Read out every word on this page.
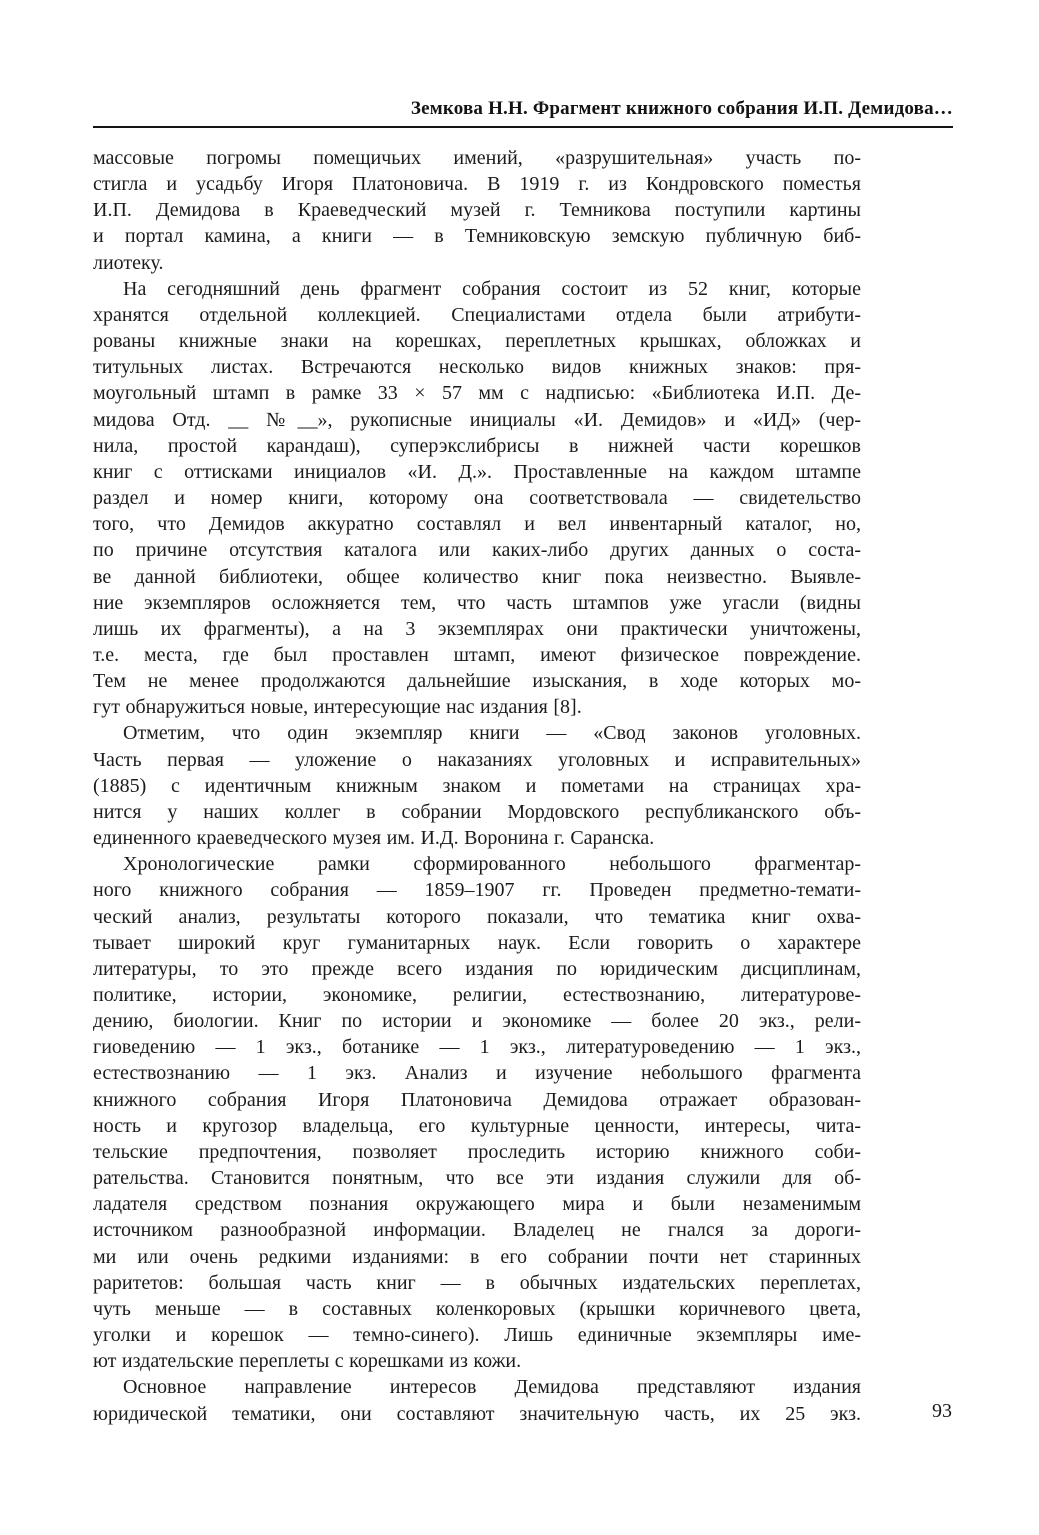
Земкова Н.Н. Фрагмент книжного собрания И.П. Демидова…
массовые погромы помещичьих имений, «разрушительная» участь по-
стигла и усадьбу Игоря Платоновича. В 1919 г. из Кондровского поместья
И.П. Демидова в Краеведческий музей г. Темникова поступили картины
и портал камина, а книги — в Темниковскую земскую публичную биб-
лиотеку.
На сегодняшний день фрагмент собрания состоит из 52 книг, которые
хранятся отдельной коллекцией. Специалистами отдела были атрибути-
рованы книжные знаки на корешках, переплетных крышках, обложках и
титульных листах. Встречаются несколько видов книжных знаков: пря-
моугольный штамп в рамке 33 × 57 мм с надписью: «Библиотека И.П. Де-
мидова Отд. __ №__», рукописные инициалы «И. Демидов» и «ИД» (чер-
нила, простой карандаш), суперэкслибрисы в нижней части корешков
книг с оттисками инициалов «И. Д.». Проставленные на каждом штампе
раздел и номер книги, которому она соответствовала — свидетельство
того, что Демидов аккуратно составлял и вел инвентарный каталог, но,
по причине отсутствия каталога или каких-либо других данных о соста-
ве данной библиотеки, общее количество книг пока неизвестно. Выявле-
ние экземпляров осложняется тем, что часть штампов уже угасли (видны
лишь их фрагменты), а на 3 экземплярах они практически уничтожены,
т.е. места, где был проставлен штамп, имеют физическое повреждение.
Тем не менее продолжаются дальнейшие изыскания, в ходе которых мо-
гут обнаружиться новые, интересующие нас издания [8].
Отметим, что один экземпляр книги — «Свод законов уголовных.
Часть первая — уложение о наказаниях уголовных и исправительных»
(1885) с идентичным книжным знаком и пометами на страницах хра-
нится у наших коллег в собрании Мордовского республиканского объ-
единенного краеведческого музея им. И.Д. Воронина г. Саранска.
Хронологические рамки сформированного небольшого фрагментар-
ного книжного собрания — 1859–1907 гг. Проведен предметно-темати-
ческий анализ, результаты которого показали, что тематика книг охва-
тывает широкий круг гуманитарных наук. Если говорить о характере
литературы, то это прежде всего издания по юридическим дисциплинам,
политике, истории, экономике, религии, естествознанию, литературове-
дению, биологии. Книг по истории и экономике — более 20 экз., рели-
гиоведению — 1 экз., ботанике — 1 экз., литературоведению — 1 экз.,
естествознанию — 1 экз. Анализ и изучение небольшого фрагмента
книжного собрания Игоря Платоновича Демидова отражает образован-
ность и кругозор владельца, его культурные ценности, интересы, чита-
тельские предпочтения, позволяет проследить историю книжного соби-
рательства. Становится понятным, что все эти издания служили для об-
ладателя средством познания окружающего мира и были незаменимым
источником разнообразной информации. Владелец не гнался за дороги-
ми или очень редкими изданиями: в его собрании почти нет старинных
раритетов: большая часть книг — в обычных издательских переплетах,
чуть меньше — в составных коленкоровых (крышки коричневого цвета,
уголки и корешок — темно-синего). Лишь единичные экземпляры име-
ют издательские переплеты с корешками из кожи.
Основное направление интересов Демидова представляют издания
юридической тематики, они составляют значительную часть, их 25 экз.	93
